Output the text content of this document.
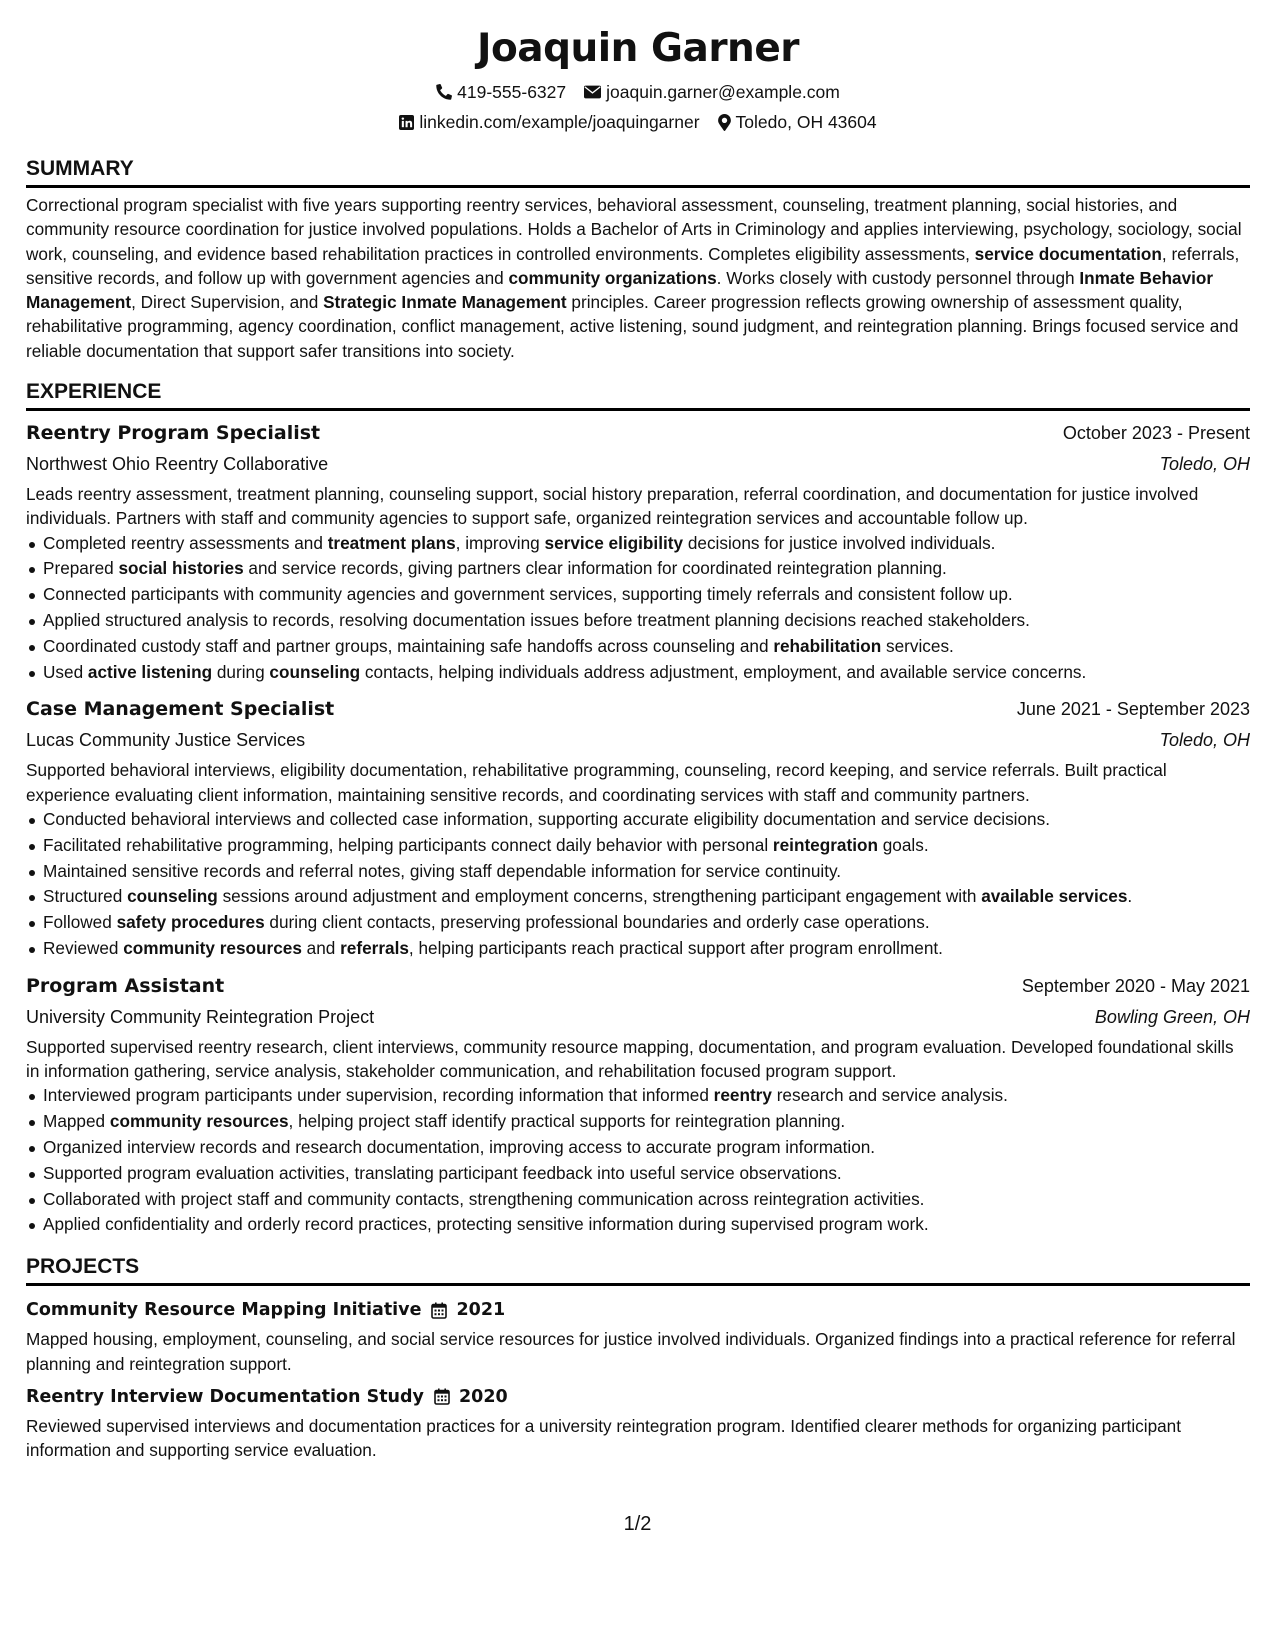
Joaquin Garner
419-555-6327 joaquin.garner@example.com
linkedin.com/example/joaquingarner Toledo, OH 43604
SUMMARY

Correctional program specialist with five years supporting reentry services, behavioral assessment, counseling, treatment planning, social histories, and community resource coordination for justice involved populations. Holds a Bachelor of Arts in Criminology and applies interviewing, psychology, sociology, social work, counseling, and evidence based rehabilitation practices in controlled environments. Completes eligibility assessments, service documentation, referrals, sensitive records, and follow up with government agencies and community organizations. Works closely with custody personnel through Inmate Behavior Management, Direct Supervision, and Strategic Inmate Management principles. Career progression reflects growing ownership of assessment quality, rehabilitative programming, agency coordination, conflict management, active listening, sound judgment, and reintegration planning. Brings focused service and reliable documentation that support safer transitions into society.

EXPERIENCE
Reentry Program Specialist	October 2023 - Present
Northwest Ohio Reentry Collaborative	Toledo, OH

Leads reentry assessment, treatment planning, counseling support, social history preparation, referral coordination, and documentation for justice involved individuals. Partners with staff and community agencies to support safe, organized reintegration services and accountable follow up.

Completed reentry assessments and treatment plans, improving service eligibility decisions for justice involved individuals.
Prepared social histories and service records, giving partners clear information for coordinated reintegration planning.
Connected participants with community agencies and government services, supporting timely referrals and consistent follow up.
Applied structured analysis to records, resolving documentation issues before treatment planning decisions reached stakeholders.
Coordinated custody staff and partner groups, maintaining safe handoffs across counseling and rehabilitation services.
Used active listening during counseling contacts, helping individuals address adjustment, employment, and available service concerns.
Case Management Specialist	June 2021 - September 2023
Lucas Community Justice Services	Toledo, OH

Supported behavioral interviews, eligibility documentation, rehabilitative programming, counseling, record keeping, and service referrals. Built practical experience evaluating client information, maintaining sensitive records, and coordinating services with staff and community partners.

Conducted behavioral interviews and collected case information, supporting accurate eligibility documentation and service decisions.
Facilitated rehabilitative programming, helping participants connect daily behavior with personal reintegration goals.
Maintained sensitive records and referral notes, giving staff dependable information for service continuity.
Structured counseling sessions around adjustment and employment concerns, strengthening participant engagement with available services.
Followed safety procedures during client contacts, preserving professional boundaries and orderly case operations.
Reviewed community resources and referrals, helping participants reach practical support after program enrollment.
Program Assistant	September 2020 - May 2021
University Community Reintegration Project	Bowling Green, OH

Supported supervised reentry research, client interviews, community resource mapping, documentation, and program evaluation. Developed foundational skills in information gathering, service analysis, stakeholder communication, and rehabilitation focused program support.

Interviewed program participants under supervision, recording information that informed reentry research and service analysis.
Mapped community resources, helping project staff identify practical supports for reintegration planning.
Organized interview records and research documentation, improving access to accurate program information.
Supported program evaluation activities, translating participant feedback into useful service observations.
Collaborated with project staff and community contacts, strengthening communication across reintegration activities.
Applied confidentiality and orderly record practices, protecting sensitive information during supervised program work.
PROJECTS
Community Resource Mapping Initiative 2021

Mapped housing, employment, counseling, and social service resources for justice involved individuals. Organized findings into a practical reference for referral planning and reintegration support.

Reentry Interview Documentation Study 2020

Reviewed supervised interviews and documentation practices for a university reintegration program. Identified clearer methods for organizing participant information and supporting service evaluation.

1/2
